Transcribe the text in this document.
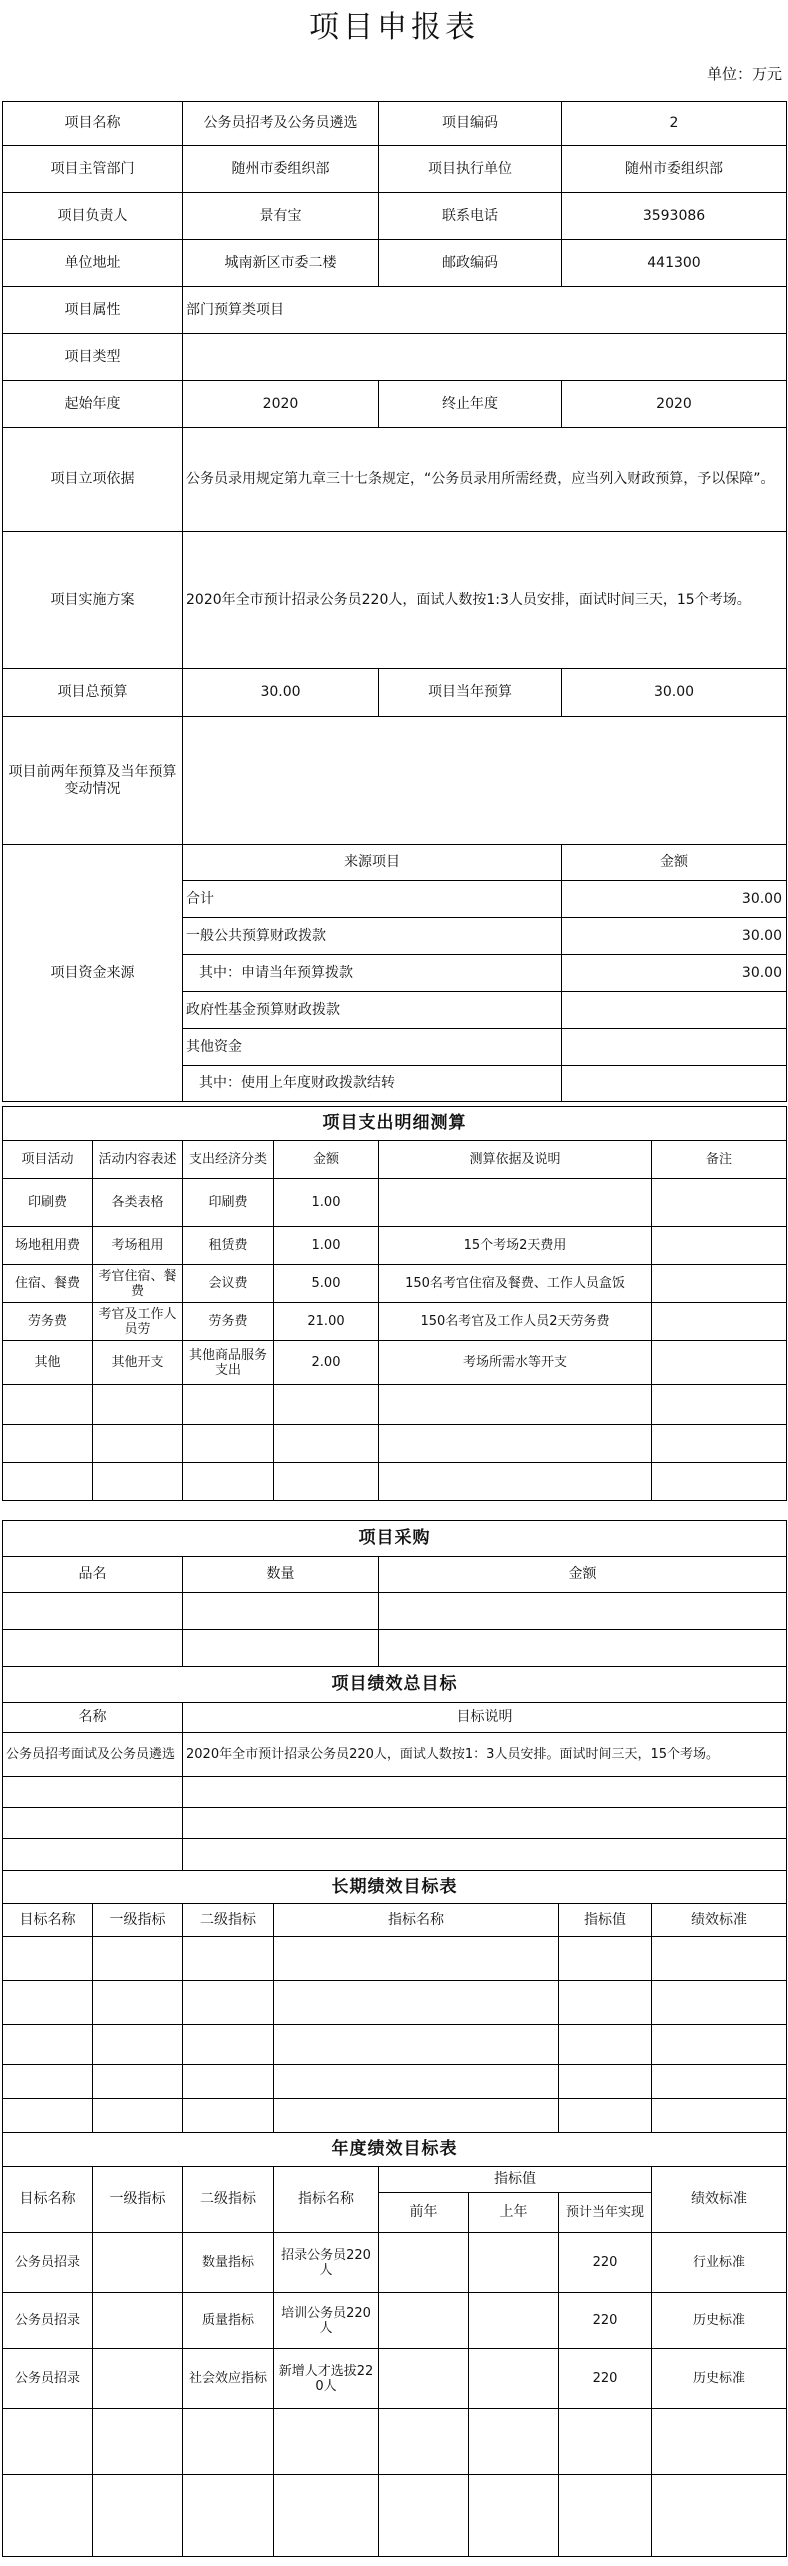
项目申报表
单位：万元
项目名称	公务员招考及公务员遴选	项目编码	2
项目主管部门	随州市委组织部	项目执行单位	随州市委组织部
项目负责人	景有宝	联系电话	3593086
单位地址	城南新区市委二楼	邮政编码	441300
项目属性	部门预算类项目		
项目类型			
起始年度	2020	终止年度	2020
项目立项依据	公务员录用规定第九章三十七条规定，“公务员录用所需经费，应当列入财政预算，予以保障”。		
项目实施方案	2020年全市预计招录公务员220人，面试人数按1:3人员安排，面试时间三天，15个考场。		
项目总预算	30.00	项目当年预算	30.00
项目前两年预算及当年预算变动情况			
项目资金来源	来源项目		金额
	合计		30.00
	一般公共预算财政拨款		30.00
	其中：申请当年预算拨款		30.00
	政府性基金预算财政拨款		
	其他资金		
	其中：使用上年度财政拨款结转		
项目支出明细测算					
项目活动	活动内容表述	支出经济分类	金额	测算依据及说明	备注
印刷费	各类表格	印刷费	1.00		
场地租用费	考场租用	租赁费	1.00	15个考场2天费用	
住宿、餐费	考官住宿、餐费	会议费	5.00	150名考官住宿及餐费、工作人员盒饭	
劳务费	考官及工作人员劳	劳务费	21.00	150名考官及工作人员2天劳务费	
其他	其他开支	其他商品服务支出	2.00	考场所需水等开支	

项目采购		
品名	数量	金额

项目绩效总目标	
名称	目标说明
公务员招考面试及公务员遴选	2020年全市预计招录公务员220人，面试人数按1：3人员安排。面试时间三天，15个考场。

长期绩效目标表					
目标名称	一级指标	二级指标	指标名称	指标值	绩效标准

年度绩效目标表							
目标名称	一级指标	二级指标	指标名称	指标值			绩效标准
				前年	上年	预计当年实现	
公务员招录		数量指标	招录公务员220人			220	行业标准
公务员招录		质量指标	培训公务员220人			220	历史标准
公务员招录		社会效应指标	新增人才选拔220人			220	历史标准
